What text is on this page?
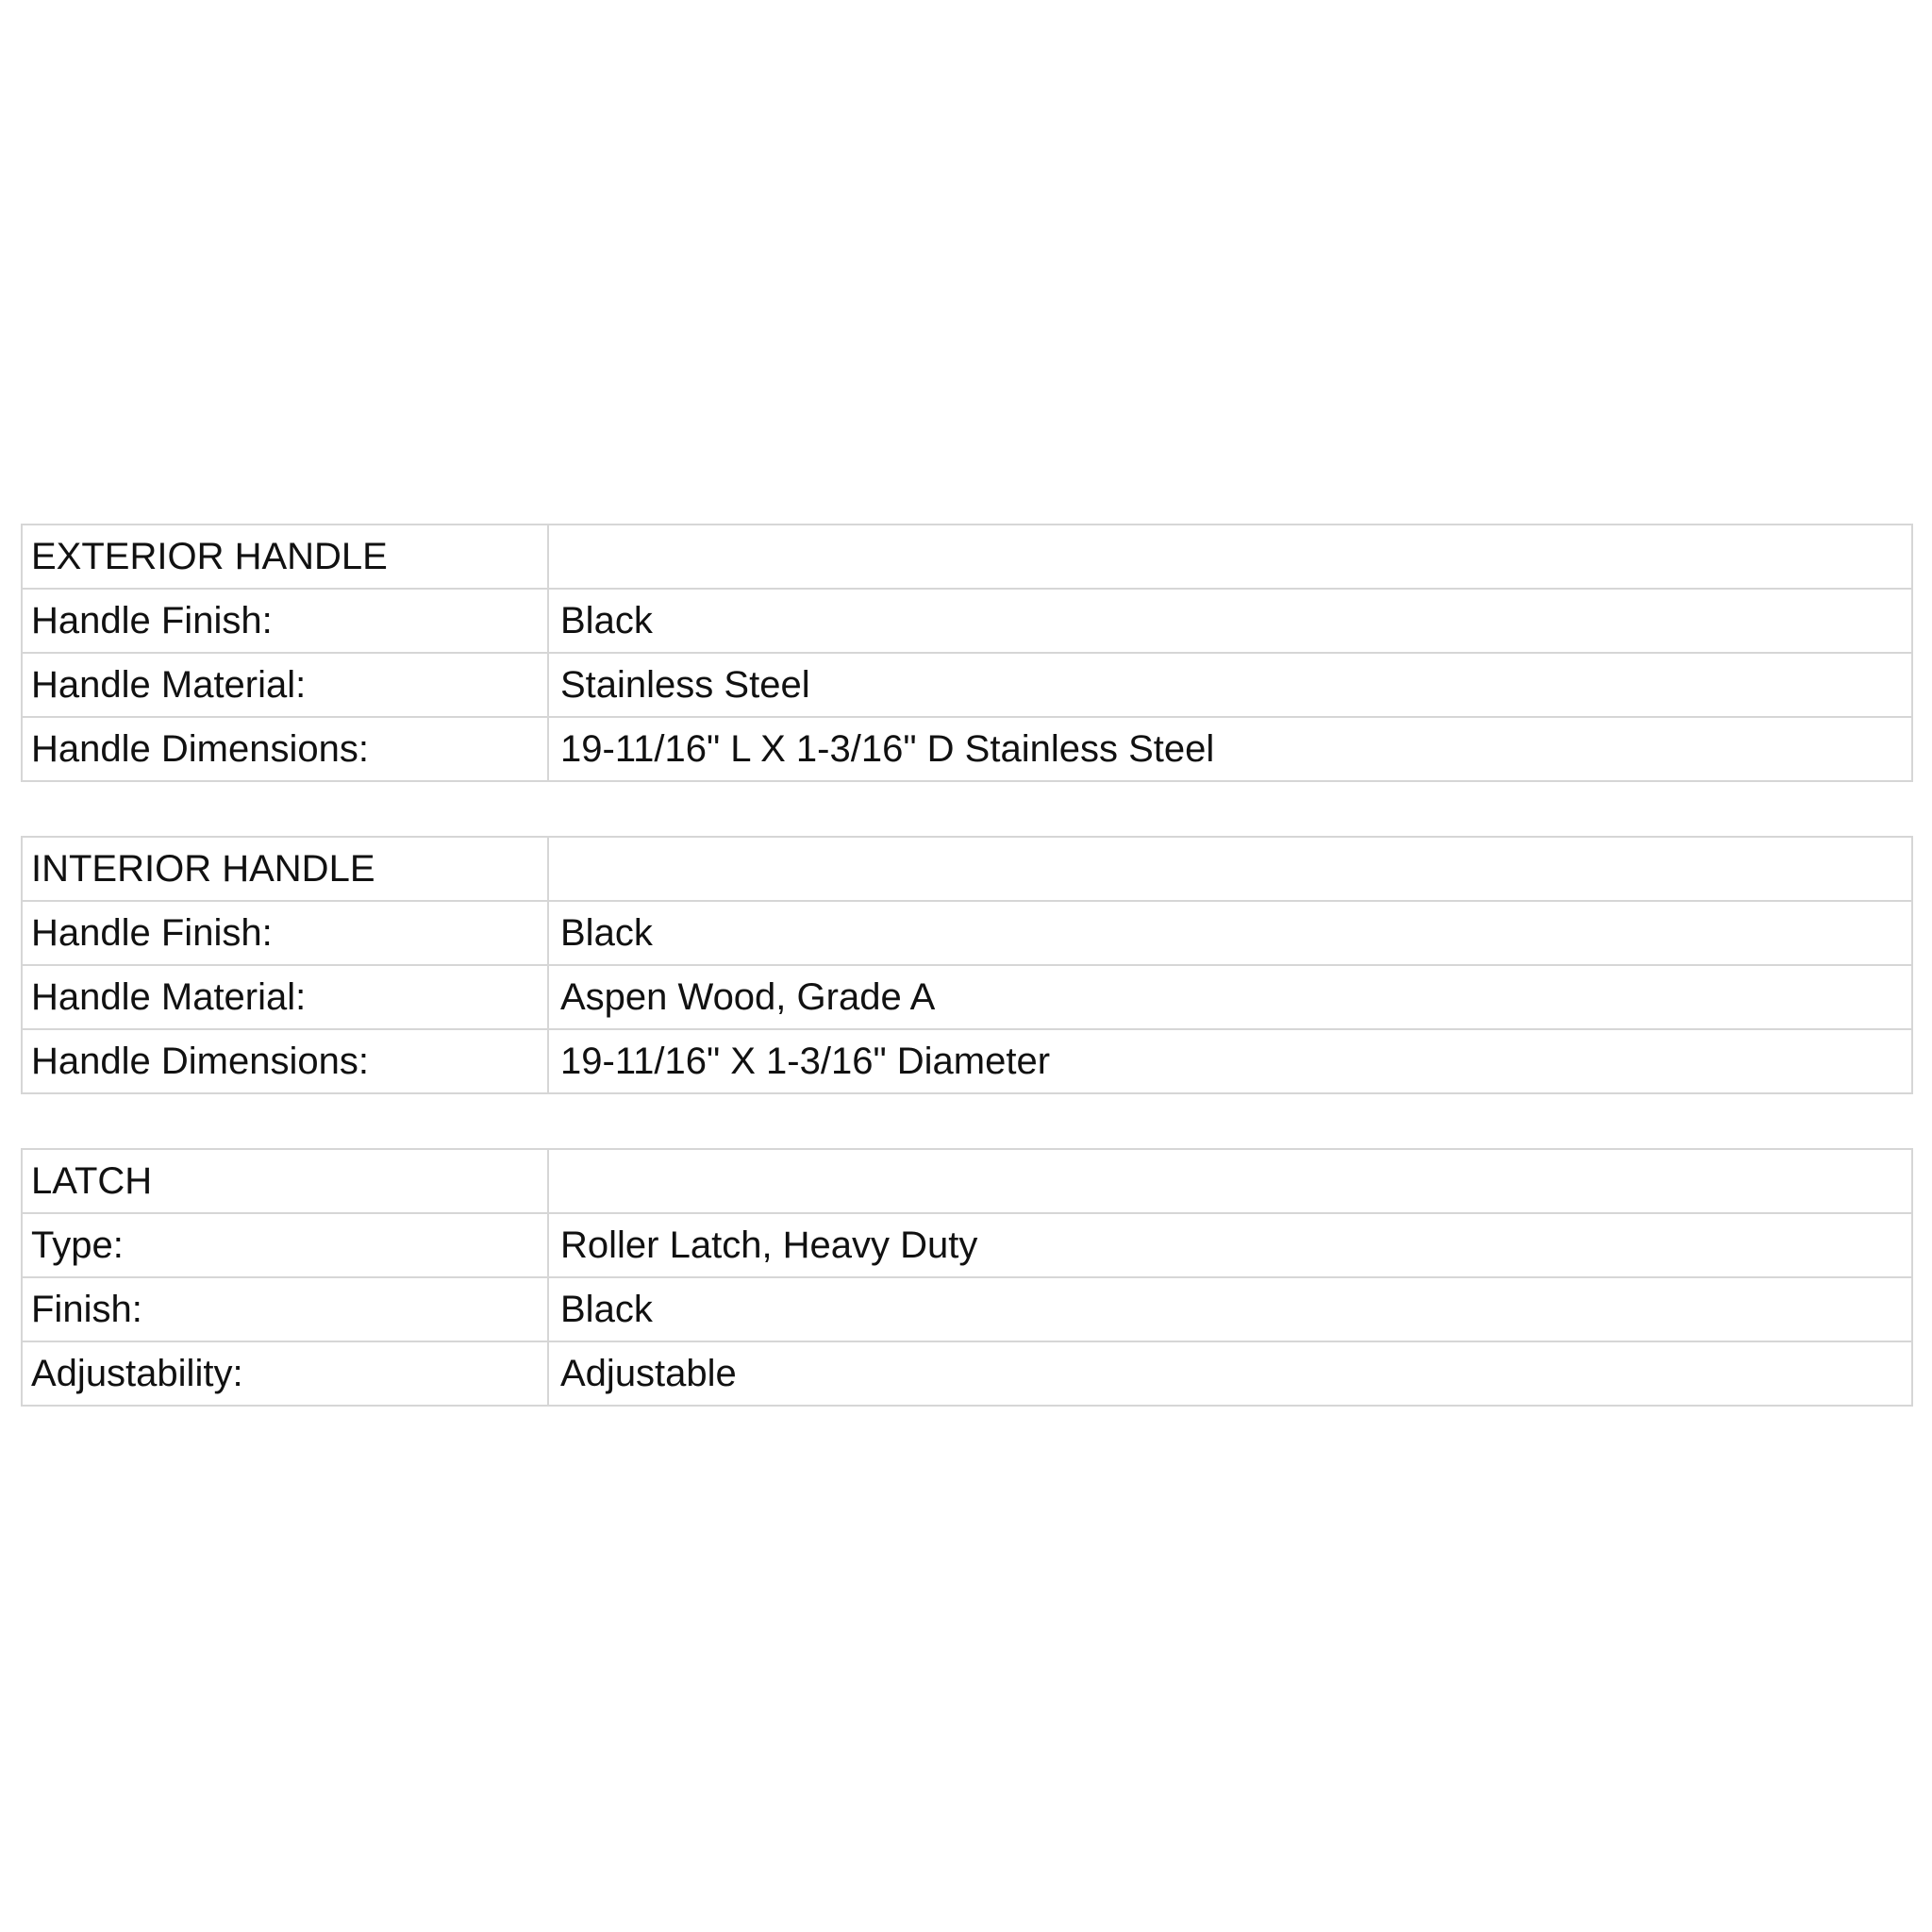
EXTERIOR HANDLE	
Handle Finish:	Black
Handle Material:	Stainless Steel
Handle Dimensions:	19-11/16" L X 1-3/16" D Stainless Steel
INTERIOR HANDLE	
Handle Finish:	Black
Handle Material:	Aspen Wood, Grade A
Handle Dimensions:	19-11/16" X 1-3/16" Diameter
LATCH	
Type:	Roller Latch, Heavy Duty
Finish:	Black
Adjustability:	Adjustable
